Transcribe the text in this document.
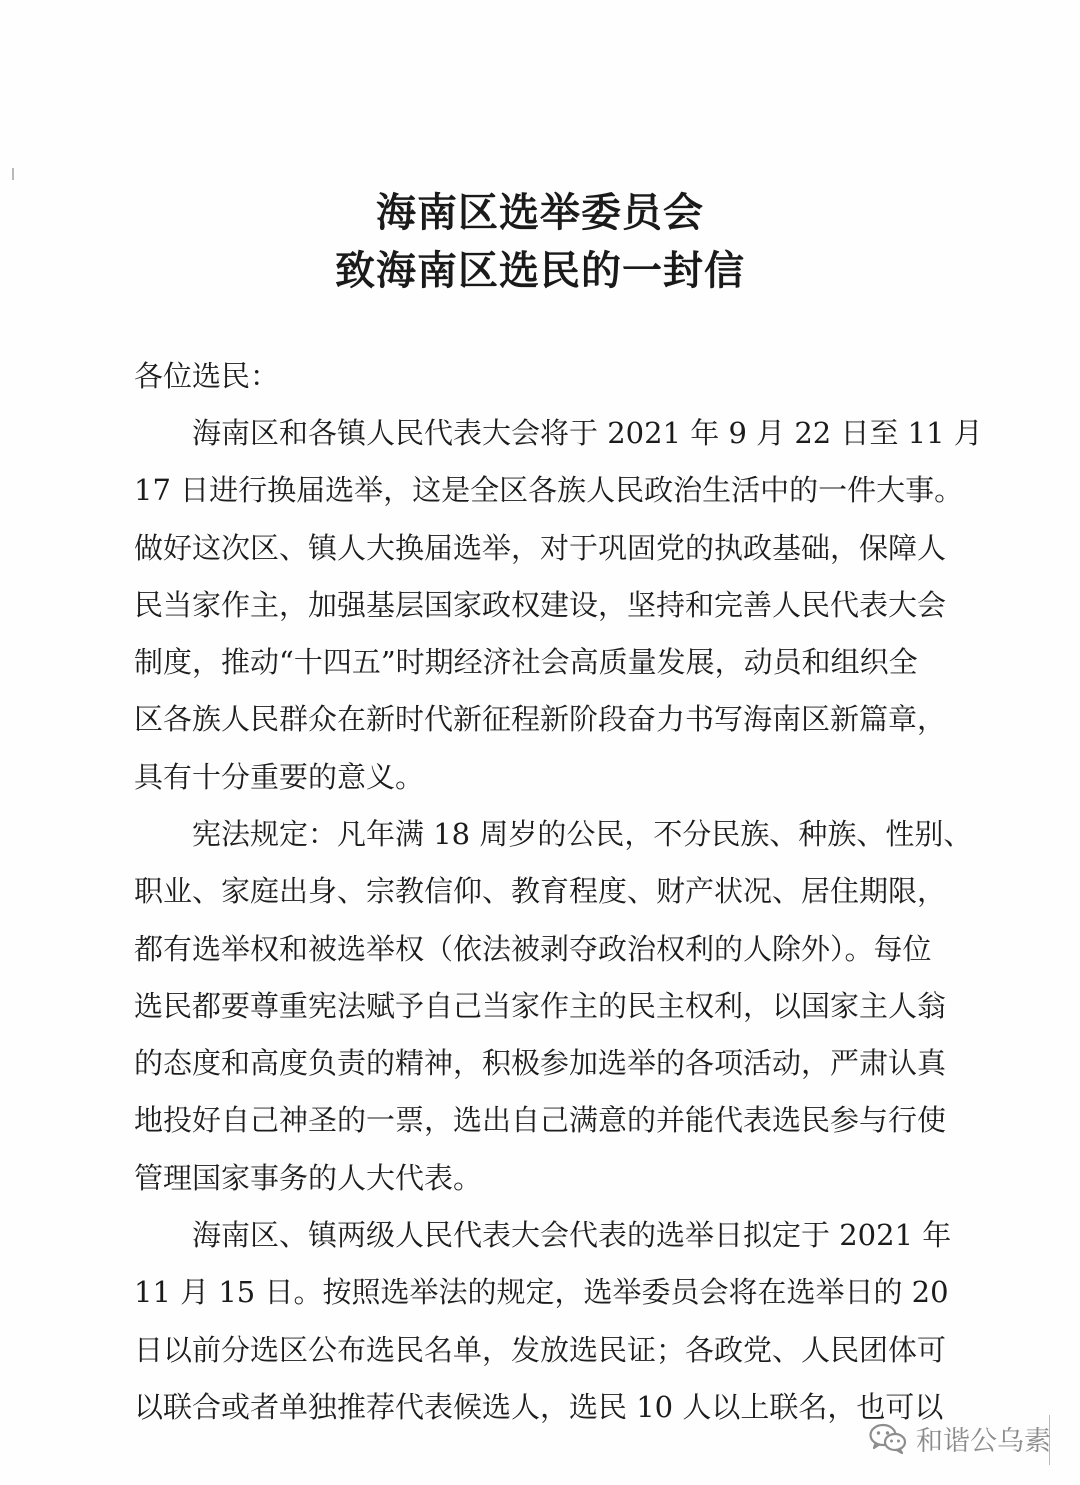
海南区选举委员会
致海南区选民的一封信
各位选民：
海南区和各镇人民代表大会将于 2021 年 9 月 22 日至 11 月
17 日进行换届选举，这是全区各族人民政治生活中的一件大事。
做好这次区、镇人大换届选举，对于巩固党的执政基础，保障人
民当家作主，加强基层国家政权建设，坚持和完善人民代表大会
制度，推动“十四五”时期经济社会高质量发展，动员和组织全
区各族人民群众在新时代新征程新阶段奋力书写海南区新篇章，
具有十分重要的意义。
宪法规定：凡年满 18 周岁的公民，不分民族、种族、性别、
职业、家庭出身、宗教信仰、教育程度、财产状况、居住期限，
都有选举权和被选举权（依法被剥夺政治权利的人除外）。每位
选民都要尊重宪法赋予自己当家作主的民主权利，以国家主人翁
的态度和高度负责的精神，积极参加选举的各项活动，严肃认真
地投好自己神圣的一票，选出自己满意的并能代表选民参与行使
管理国家事务的人大代表。
海南区、镇两级人民代表大会代表的选举日拟定于 2021 年
11 月 15 日。按照选举法的规定，选举委员会将在选举日的 20
日以前分选区公布选民名单，发放选民证；各政党、人民团体可
以联合或者单独推荐代表候选人，选民 10 人以上联名，也可以
和谐公乌素
